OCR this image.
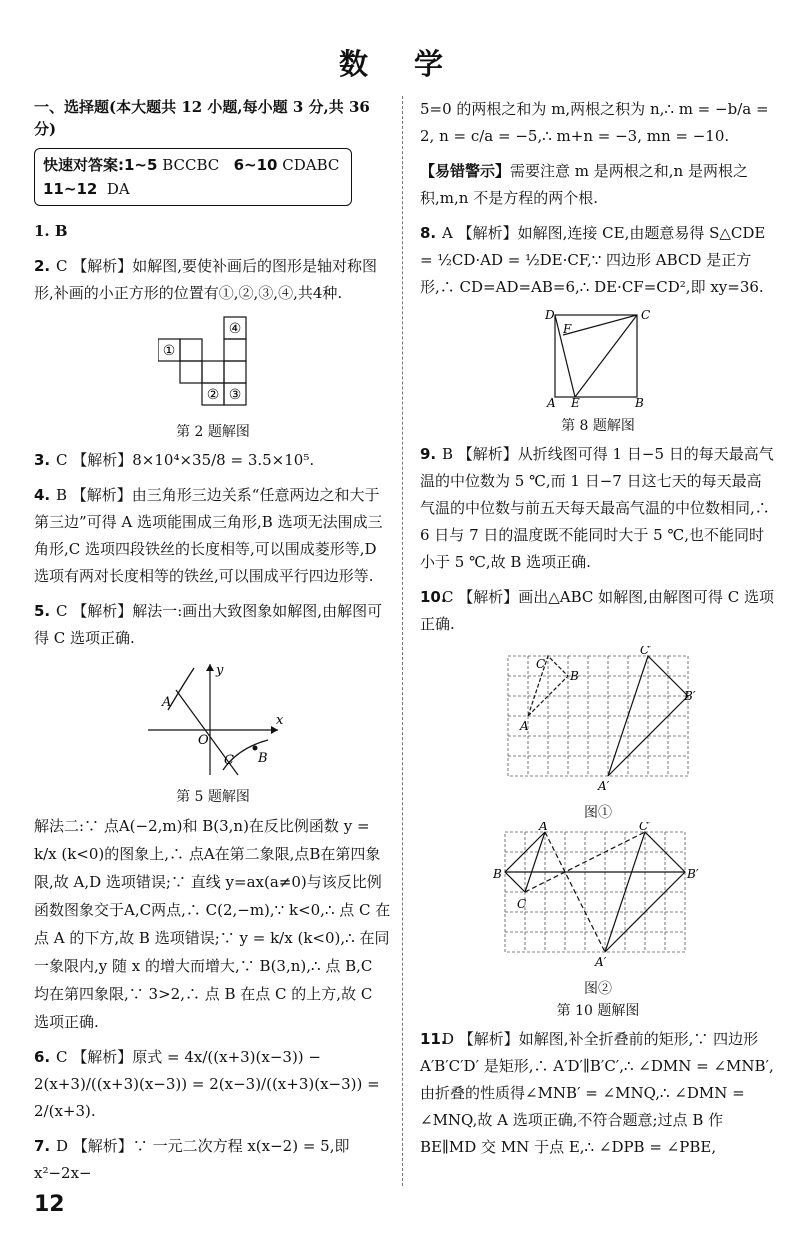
数 学

一、选择题(本大题共 12 小题,每小题 3 分,共 36 分)

快速对答案:1~5 BCCBC 6~10 CDABC
11~12 DA

1. B

2. C 【解析】如解图,要使补画后的图形是轴对称图形,补画的小正方形的位置有①,②,③,④,共4种.

①
② ③
④
第 2 题解图

3. C 【解析】8×10⁴×35/8 = 3.5×10⁵.

4. B 【解析】由三角形三边关系“任意两边之和大于第三边”可得 A 选项能围成三角形,B 选项无法围成三角形,C 选项四段铁丝的长度相等,可以围成菱形等,D 选项有两对长度相等的铁丝,可以围成平行四边形等.

5. C 【解析】解法一:画出大致图象如解图,由解图可得 C 选项正确.

A
B
C
O
y
x
第 5 题解图

解法二:∵ 点A(−2,m)和 B(3,n)在反比例函数 y = k/x (k<0)的图象上,∴ 点A在第二象限,点B在第四象限,故 A,D 选项错误;∵ 直线 y=ax(a≠0)与该反比例函数图象交于A,C两点,∴ C(2,−m),∵ k<0,∴ 点 C 在点 A 的下方,故 B 选项错误;∵ y = k/x (k<0),∴ 在同一象限内,y 随 x 的增大而增大,∵ B(3,n),∴ 点 B,C 均在第四象限,∵ 3>2,∴ 点 B 在点 C 的上方,故 C 选项正确.

6. C 【解析】原式 = 4x/((x+3)(x−3)) − 2(x+3)/((x+3)(x−3)) = 2(x−3)/((x+3)(x−3)) = 2/(x+3).

7. D 【解析】∵ 一元二次方程 x(x−2) = 5,即 x²−2x−

5=0 的两根之和为 m,两根之积为 n,∴ m = −b/a = 2, n = c/a = −5,∴ m+n = −3, mn = −10.

【易错警示】需要注意 m 是两根之和,n 是两根之积,m,n 不是方程的两个根.

8. A 【解析】如解图,连接 CE,由题意易得 S△CDE = ½CD·AD = ½DE·CF,∵ 四边形 ABCD 是正方形,∴ CD=AD=AB=6,∴ DE·CF=CD²,即 xy=36.

D	C
F
A E	B
第 8 题解图

9. B 【解析】从折线图可得 1 日−5 日的每天最高气温的中位数为 5 ℃,而 1 日−7 日这七天的每天最高气温的中位数与前五天每天最高气温的中位数相同,∴ 6 日与 7 日的温度既不能同时大于 5 ℃,也不能同时小于 5 ℃,故 B 选项正确.

10.C 【解析】画出△ABC 如解图,由解图可得 C 选项正确.

A
B
C
A′
B′
C′
图①
A
B
C
A′
B′
C′
图②
第 10 题解图

11.D 【解析】如解图,补全折叠前的矩形,∵ 四边形 A′B′C′D′ 是矩形,∴ A′D′∥B′C′,∴ ∠DMN = ∠MNB′,由折叠的性质得∠MNB′ = ∠MNQ,∴ ∠DMN = ∠MNQ,故 A 选项正确,不符合题意;过点 B 作 BE∥MD 交 MN 于点 E,∴ ∠DPB = ∠PBE,

12
